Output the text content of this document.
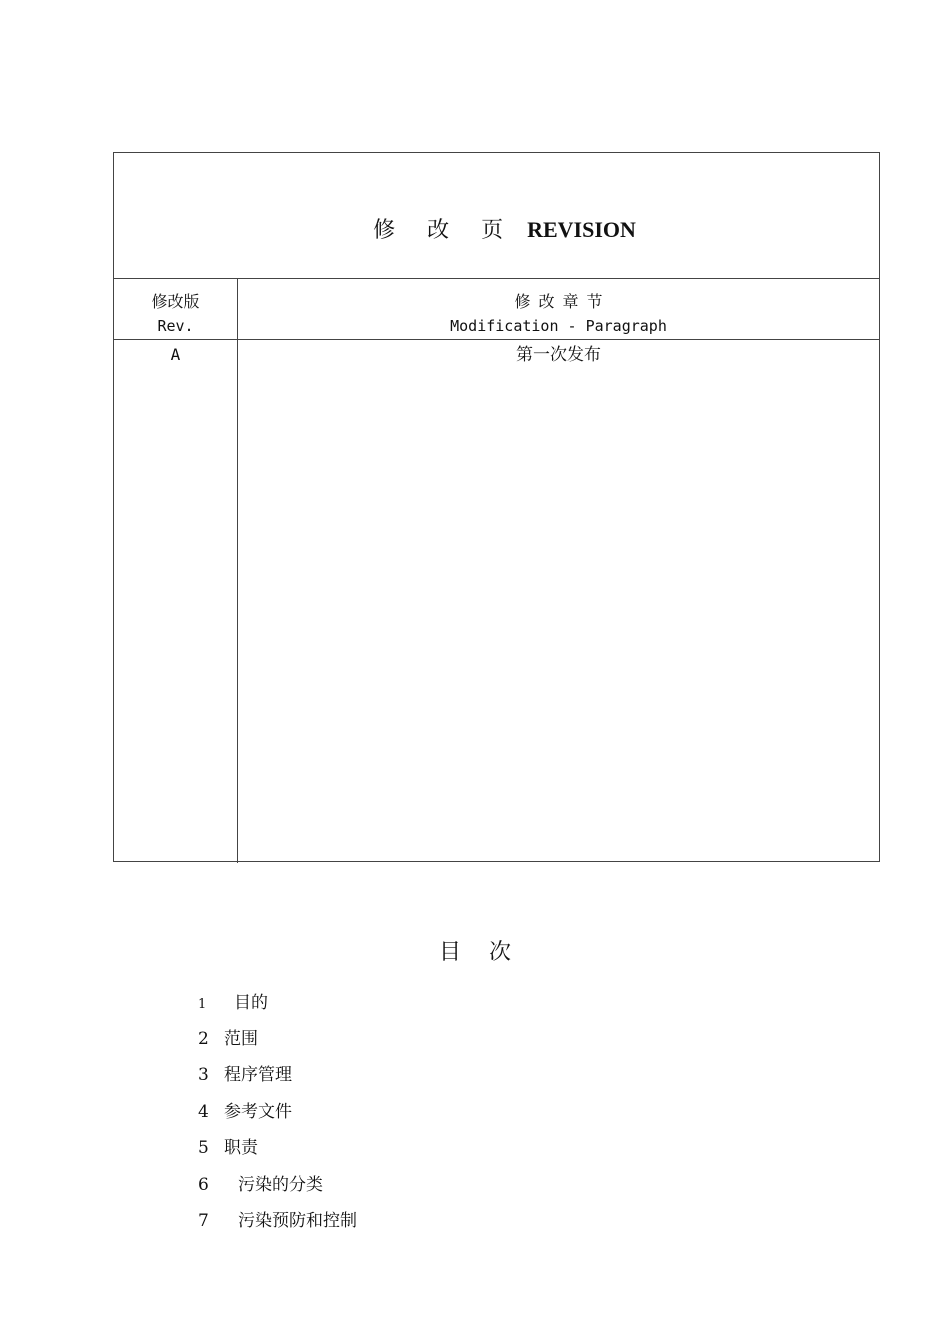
修 改 页 REVISION
修改版
Rev.
修 改 章 节
Modification - Paragraph
A	第一次发布
目 次
1 目的
2 范围
3 程序管理
4 参考文件
5 职责
6 污染的分类
7 污染预防和控制
